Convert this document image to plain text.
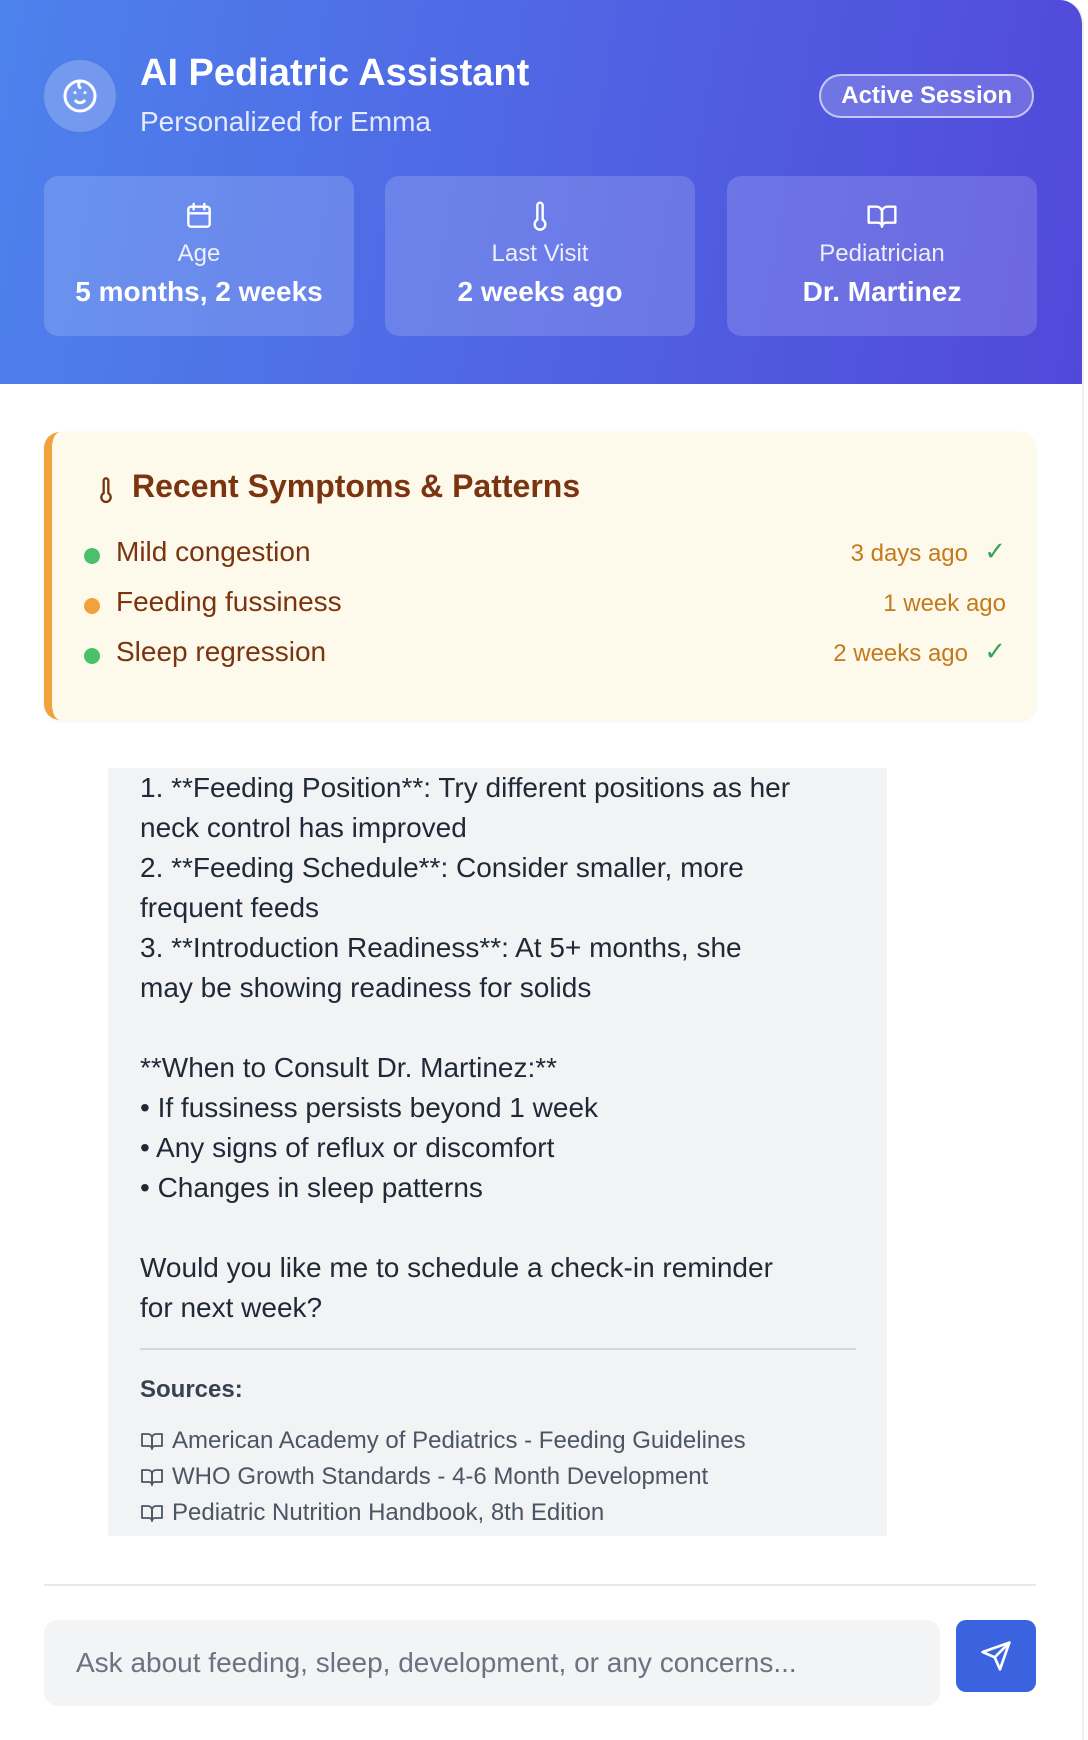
AI Pediatric Assistant
Personalized for Emma
Active Session
Age
5 months, 2 weeks
Last Visit
2 weeks ago
Pediatrician
Dr. Martinez
Recent Symptoms & Patterns
Mild congestion	3 days ago ✓
Feeding fussiness	1 week ago
Sleep regression	2 weeks ago ✓
1. **Feeding Position**: Try different positions as her
neck control has improved
2. **Feeding Schedule**: Consider smaller, more
frequent feeds
3. **Introduction Readiness**: At 5+ months, she
may be showing readiness for solids

**When to Consult Dr. Martinez:**
• If fussiness persists beyond 1 week
• Any signs of reflux or discomfort
• Changes in sleep patterns

Would you like me to schedule a check-in reminder
for next week?
Sources:
American Academy of Pediatrics - Feeding Guidelines
WHO Growth Standards - 4-6 Month Development
Pediatric Nutrition Handbook, 8th Edition
Ask about feeding, sleep, development, or any concerns...
